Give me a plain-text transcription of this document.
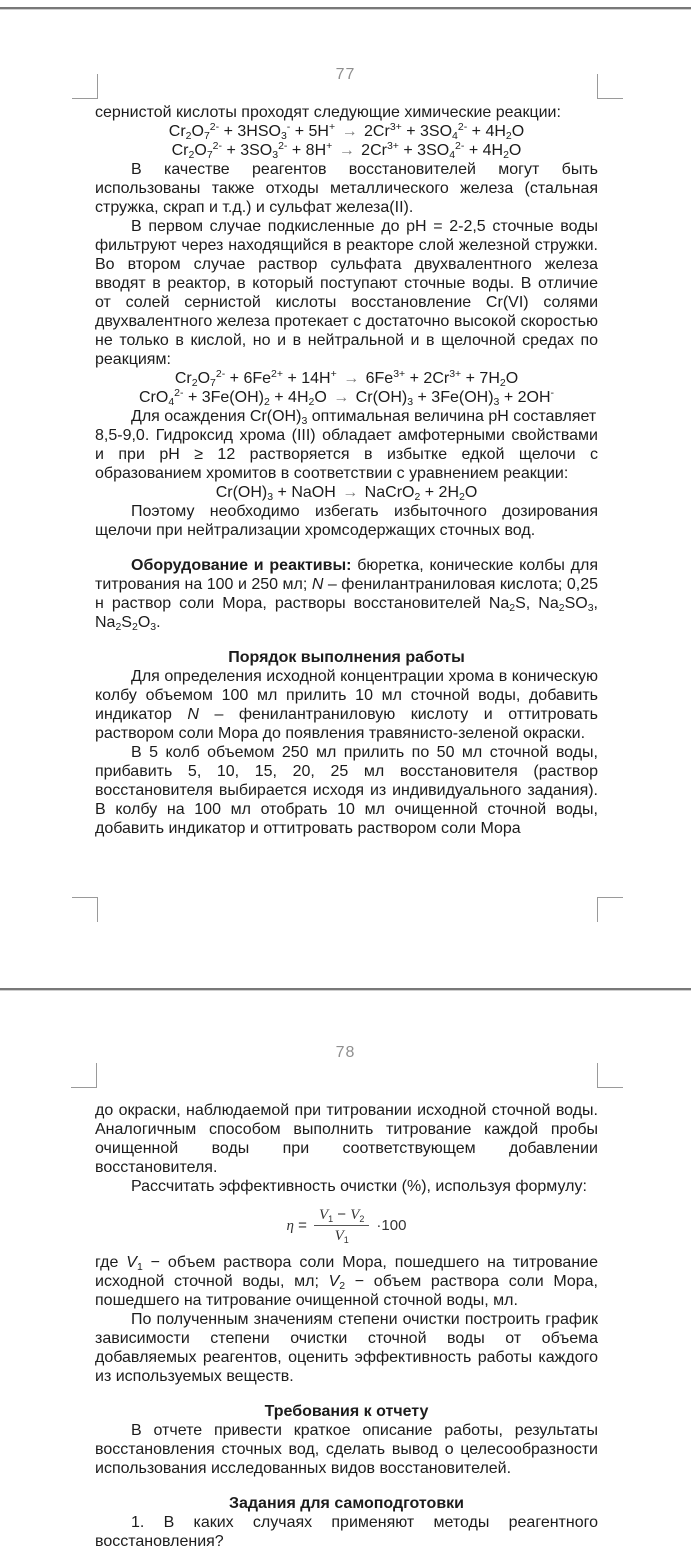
77

сернистой кислоты проходят следующие химические реакции:

$Cr_2O_7^{2-} + 3HSO_3^- + 5H^+ \to 2Cr^{3+} + 3SO_4^{2-} + 4H_2O$

$Cr_2O_7^{2-} + 3SO_3^{2-} + 8H^+ \to 2Cr^{3+} + 3SO_4^{2-} + 4H_2O$

В качестве реагентов восстановителей могут быть использованы также отходы металлического железа (стальная стружка, скрап и т.д.) и сульфат железа(II).

В первом случае подкисленные до pH = 2-2,5 сточные воды фильтруют через находящийся в реакторе слой железной стружки. Во втором случае раствор сульфата двухвалентного железа вводят в реактор, в который поступают сточные воды. В отличие от солей сернистой кислоты восстановление Cr(VI) солями двухвалентного железа протекает с достаточно высокой скоростью не только в кислой, но и в нейтральной и в щелочной средах по реакциям:

$Cr_2O_7^{2-} + 6Fe^{2+} + 14H^+ \to 6Fe^{3+} + 2Cr^{3+} + 7H_2O$

$CrO_4^{2-} + 3Fe(OH)_2 + 4H_2O \to Cr(OH)_3 + 3Fe(OH)_3 + 2OH^-$

Для осаждения $Cr(OH)_3$ оптимальная величина pH составляет

8,5-9,0. Гидроксид хрома (III) обладает амфотерными свойствами и при pH ≥ 12 растворяется в избытке едкой щелочи с образованием хромитов в соответствии с уравнением реакции:

$Cr(OH)_3$ + NaOH → NaCrO$_2$ + $2H_2O$

Поэтому необходимо избегать избыточного дозирования щелочи при нейтрализации хромсодержащих сточных вод.

Оборудование и реактивы: бюретка, конические колбы для титрования на 100 и 250 мл; N – фенилантраниловая кислота; 0,25 н раствор соли Мора, растворы восстановителей $Na_2S$, $Na_2SO_3$, $Na_2S_2O_3$.

Порядок выполнения работы

Для определения исходной концентрации хрома в коническую колбу объемом 100 мл прилить 10 мл сточной воды, добавить индикатор N – фенилантраниловую кислоту и оттитровать раствором соли Мора до появления травянисто-зеленой окраски.

В 5 колб объемом 250 мл прилить по 50 мл сточной воды, прибавить 5, 10, 15, 20, 25 мл восстановителя (раствор восстановителя выбирается исходя из индивидуального задания). В колбу на 100 мл отобрать 10 мл очищенной сточной воды, добавить индикатор и оттитровать раствором соли Мора

78

до окраски, наблюдаемой при титровании исходной сточной воды. Аналогичным способом выполнить титрование каждой пробы очищенной воды при соответствующем добавлении восстановителя.

Рассчитать эффективность очистки (%), используя формулу:

$\eta = \frac{V_1 - V_2}{V_1} \cdot 100$

где $V_1$ − объем раствора соли Мора, пошедшего на титрование исходной сточной воды, мл; $V_2$ − объем раствора соли Мора, пошедшего на титрование очищенной сточной воды, мл.

По полученным значениям степени очистки построить график зависимости степени очистки сточной воды от объема добавляемых реагентов, оценить эффективность работы каждого из используемых веществ.

Требования к отчету

В отчете привести краткое описание работы, результаты восстановления сточных вод, сделать вывод о целесообразности использования исследованных видов восстановителей.

Задания для самоподготовки

1. В каких случаях применяют методы реагентного восстановления?
